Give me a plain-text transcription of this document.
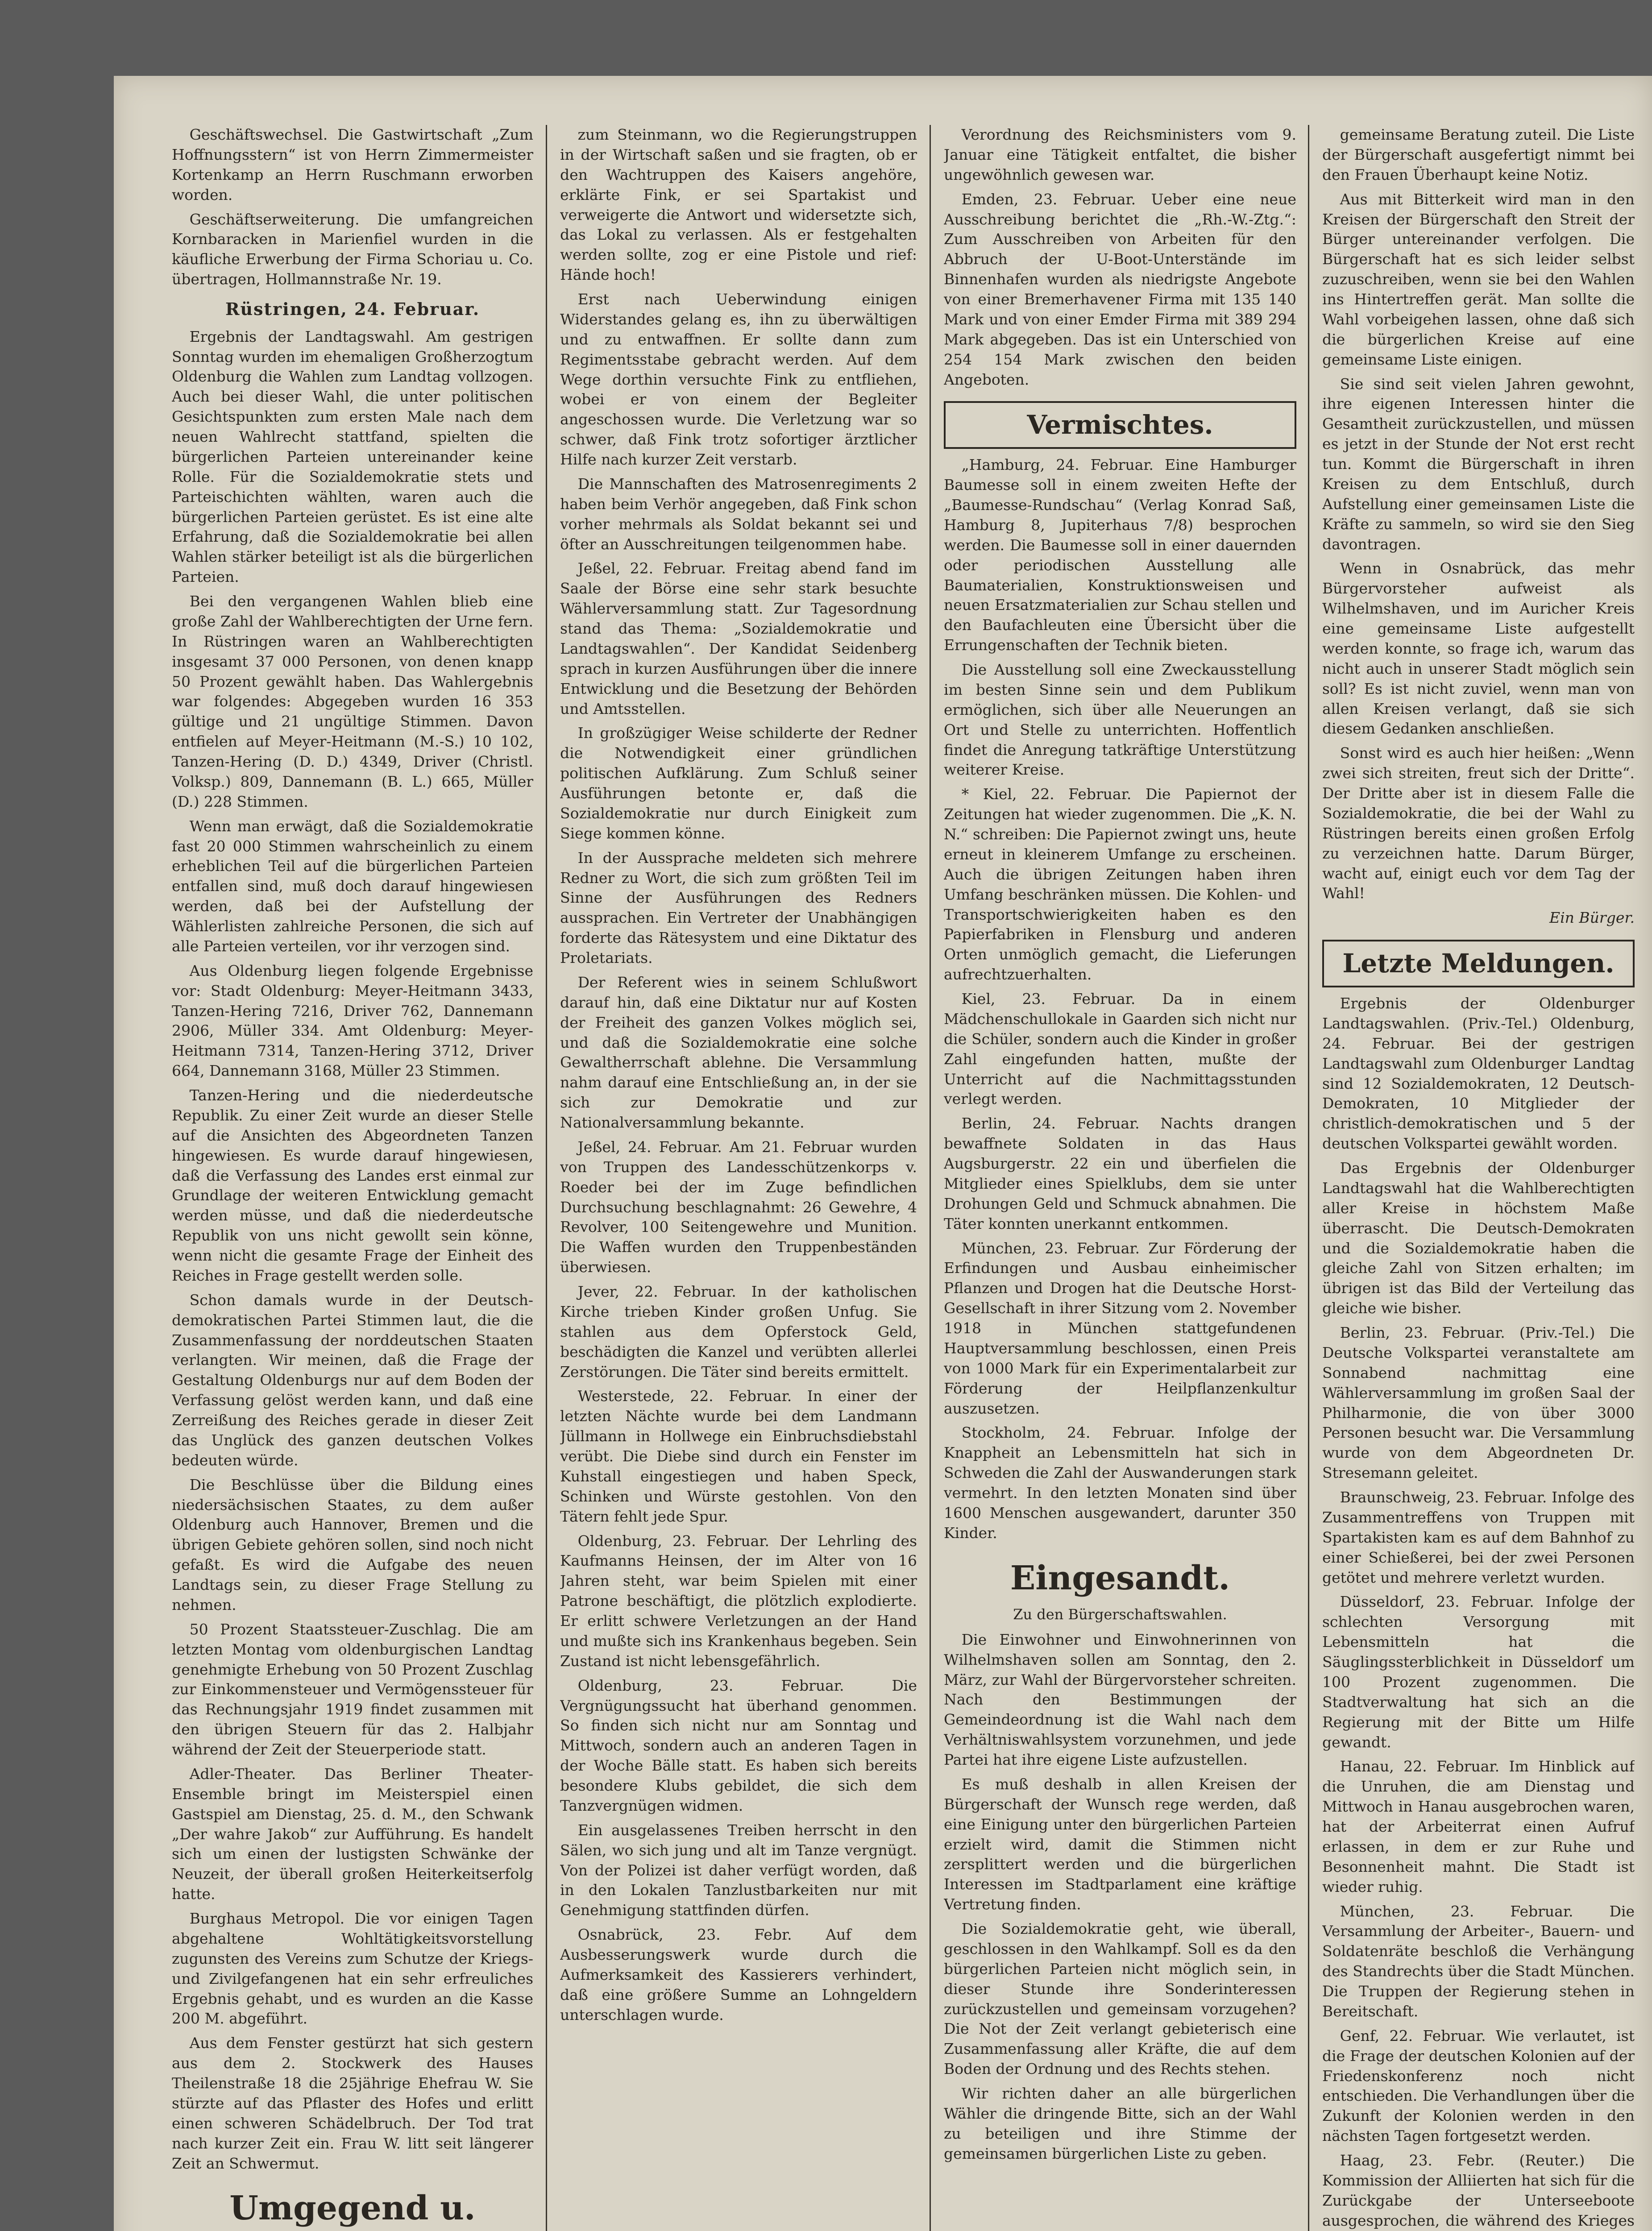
Geschäftswechsel. Die Gastwirtschaft „Zum Hoffnungsstern“ ist von Herrn Zimmermeister Kortenkamp an Herrn Ruschmann erworben worden.

Geschäftserweiterung. Die umfangreichen Kornbaracken in Marienfiel wurden in die käufliche Erwerbung der Firma Schoriau u. Co. übertragen, Hollmannstraße Nr. 19.

Rüstringen, 24. Februar.

Ergebnis der Landtagswahl. Am gestrigen Sonntag wurden im ehemaligen Großherzogtum Oldenburg die Wahlen zum Landtag vollzogen. Auch bei dieser Wahl, die unter politischen Gesichtspunkten zum ersten Male nach dem neuen Wahlrecht stattfand, spielten die bürgerlichen Parteien untereinander keine Rolle. Für die Sozialdemokratie stets und Parteischichten wählten, waren auch die bürgerlichen Parteien gerüstet. Es ist eine alte Erfahrung, daß die Sozialdemokratie bei allen Wahlen stärker beteiligt ist als die bürgerlichen Parteien.

Bei den vergangenen Wahlen blieb eine große Zahl der Wahlberechtigten der Urne fern. In Rüstringen waren an Wahlberechtigten insgesamt 37 000 Personen, von denen knapp 50 Prozent gewählt haben. Das Wahlergebnis war folgendes: Abgegeben wurden 16 353 gültige und 21 ungültige Stimmen. Davon entfielen auf Meyer-Heitmann (M.-S.) 10 102, Tanzen-Hering (D. D.) 4349, Driver (Christl. Volksp.) 809, Dannemann (B. L.) 665, Müller (D.) 228 Stimmen.

Wenn man erwägt, daß die Sozialdemokratie fast 20 000 Stimmen wahrscheinlich zu einem erheblichen Teil auf die bürgerlichen Parteien entfallen sind, muß doch darauf hingewiesen werden, daß bei der Aufstellung der Wählerlisten zahlreiche Personen, die sich auf alle Parteien verteilen, vor ihr verzogen sind.

Aus Oldenburg liegen folgende Ergebnisse vor: Stadt Oldenburg: Meyer-Heitmann 3433, Tanzen-Hering 7216, Driver 762, Dannemann 2906, Müller 334. Amt Oldenburg: Meyer-Heitmann 7314, Tanzen-Hering 3712, Driver 664, Dannemann 3168, Müller 23 Stimmen.

Tanzen-Hering und die niederdeutsche Republik. Zu einer Zeit wurde an dieser Stelle auf die Ansichten des Abgeordneten Tanzen hingewiesen. Es wurde darauf hingewiesen, daß die Verfassung des Landes erst einmal zur Grundlage der weiteren Entwicklung gemacht werden müsse, und daß die niederdeutsche Republik von uns nicht gewollt sein könne, wenn nicht die gesamte Frage der Einheit des Reiches in Frage gestellt werden solle.

Schon damals wurde in der Deutsch-demokratischen Partei Stimmen laut, die die Zusammenfassung der norddeutschen Staaten verlangten. Wir meinen, daß die Frage der Gestaltung Oldenburgs nur auf dem Boden der Verfassung gelöst werden kann, und daß eine Zerreißung des Reiches gerade in dieser Zeit das Unglück des ganzen deutschen Volkes bedeuten würde.

Die Beschlüsse über die Bildung eines niedersächsischen Staates, zu dem außer Oldenburg auch Hannover, Bremen und die übrigen Gebiete gehören sollen, sind noch nicht gefaßt. Es wird die Aufgabe des neuen Landtags sein, zu dieser Frage Stellung zu nehmen.

50 Prozent Staatssteuer-Zuschlag. Die am letzten Montag vom oldenburgischen Landtag genehmigte Erhebung von 50 Prozent Zuschlag zur Einkommensteuer und Vermögenssteuer für das Rechnungsjahr 1919 findet zusammen mit den übrigen Steuern für das 2. Halbjahr während der Zeit der Steuerperiode statt.

Adler-Theater. Das Berliner Theater-Ensemble bringt im Meisterspiel einen Gastspiel am Dienstag, 25. d. M., den Schwank „Der wahre Jakob“ zur Aufführung. Es handelt sich um einen der lustigsten Schwänke der Neuzeit, der überall großen Heiterkeitserfolg hatte.

Burghaus Metropol. Die vor einigen Tagen abgehaltene Wohltätigkeitsvorstellung zugunsten des Vereins zum Schutze der Kriegs- und Zivilgefangenen hat ein sehr erfreuliches Ergebnis gehabt, und es wurden an die Kasse 200 M. abgeführt.

Aus dem Fenster gestürzt hat sich gestern aus dem 2. Stockwerk des Hauses Theilenstraße 18 die 25jährige Ehefrau W. Sie stürzte auf das Pflaster des Hofes und erlitt einen schweren Schädelbruch. Der Tod trat nach kurzer Zeit ein. Frau W. litt seit längerer Zeit an Schwermut.

Umgegend u.

zum Steinmann, wo die Regierungstruppen in der Wirtschaft saßen und sie fragten, ob er den Wachtruppen des Kaisers angehöre, erklärte Fink, er sei Spartakist und verweigerte die Antwort und widersetzte sich, das Lokal zu verlassen. Als er festgehalten werden sollte, zog er eine Pistole und rief: Hände hoch!

Erst nach Ueberwindung einigen Widerstandes gelang es, ihn zu überwältigen und zu entwaffnen. Er sollte dann zum Regimentsstabe gebracht werden. Auf dem Wege dorthin versuchte Fink zu entfliehen, wobei er von einem der Begleiter angeschossen wurde. Die Verletzung war so schwer, daß Fink trotz sofortiger ärztlicher Hilfe nach kurzer Zeit verstarb.

Die Mannschaften des Matrosenregiments 2 haben beim Verhör angegeben, daß Fink schon vorher mehrmals als Soldat bekannt sei und öfter an Ausschreitungen teilgenommen habe.

Jeßel, 22. Februar. Freitag abend fand im Saale der Börse eine sehr stark besuchte Wählerversammlung statt. Zur Tagesordnung stand das Thema: „Sozialdemokratie und Landtagswahlen“. Der Kandidat Seidenberg sprach in kurzen Ausführungen über die innere Entwicklung und die Besetzung der Behörden und Amtsstellen.

In großzügiger Weise schilderte der Redner die Notwendigkeit einer gründlichen politischen Aufklärung. Zum Schluß seiner Ausführungen betonte er, daß die Sozialdemokratie nur durch Einigkeit zum Siege kommen könne.

In der Aussprache meldeten sich mehrere Redner zu Wort, die sich zum größten Teil im Sinne der Ausführungen des Redners aussprachen. Ein Vertreter der Unabhängigen forderte das Rätesystem und eine Diktatur des Proletariats.

Der Referent wies in seinem Schlußwort darauf hin, daß eine Diktatur nur auf Kosten der Freiheit des ganzen Volkes möglich sei, und daß die Sozialdemokratie eine solche Gewaltherrschaft ablehne. Die Versammlung nahm darauf eine Entschließung an, in der sie sich zur Demokratie und zur Nationalversammlung bekannte.

Jeßel, 24. Februar. Am 21. Februar wurden von Truppen des Landesschützenkorps v. Roeder bei der im Zuge befindlichen Durchsuchung beschlagnahmt: 26 Gewehre, 4 Revolver, 100 Seitengewehre und Munition. Die Waffen wurden den Truppenbeständen überwiesen.

Jever, 22. Februar. In der katholischen Kirche trieben Kinder großen Unfug. Sie stahlen aus dem Opferstock Geld, beschädigten die Kanzel und verübten allerlei Zerstörungen. Die Täter sind bereits ermittelt.

Westerstede, 22. Februar. In einer der letzten Nächte wurde bei dem Landmann Jüllmann in Hollwege ein Einbruchsdiebstahl verübt. Die Diebe sind durch ein Fenster im Kuhstall eingestiegen und haben Speck, Schinken und Würste gestohlen. Von den Tätern fehlt jede Spur.

Oldenburg, 23. Februar. Der Lehrling des Kaufmanns Heinsen, der im Alter von 16 Jahren steht, war beim Spielen mit einer Patrone beschäftigt, die plötzlich explodierte. Er erlitt schwere Verletzungen an der Hand und mußte sich ins Krankenhaus begeben. Sein Zustand ist nicht lebensgefährlich.

Oldenburg, 23. Februar. Die Vergnügungssucht hat überhand genommen. So finden sich nicht nur am Sonntag und Mittwoch, sondern auch an anderen Tagen in der Woche Bälle statt. Es haben sich bereits besondere Klubs gebildet, die sich dem Tanzvergnügen widmen.

Ein ausgelassenes Treiben herrscht in den Sälen, wo sich jung und alt im Tanze vergnügt. Von der Polizei ist daher verfügt worden, daß in den Lokalen Tanzlustbarkeiten nur mit Genehmigung stattfinden dürfen.

Osnabrück, 23. Febr. Auf dem Ausbesserungswerk wurde durch die Aufmerksamkeit des Kassierers verhindert, daß eine größere Summe an Lohngeldern unterschlagen wurde.

Verordnung des Reichsministers vom 9. Januar eine Tätigkeit entfaltet, die bisher ungewöhnlich gewesen war.

Emden, 23. Februar. Ueber eine neue Ausschreibung berichtet die „Rh.-W.-Ztg.“: Zum Ausschreiben von Arbeiten für den Abbruch der U-Boot-Unterstände im Binnenhafen wurden als niedrigste Angebote von einer Bremerhavener Firma mit 135 140 Mark und von einer Emder Firma mit 389 294 Mark abgegeben. Das ist ein Unterschied von 254 154 Mark zwischen den beiden Angeboten.

Vermischtes.

„Hamburg, 24. Februar. Eine Hamburger Baumesse soll in einem zweiten Hefte der „Baumesse-Rundschau“ (Verlag Konrad Saß, Hamburg 8, Jupiterhaus 7/8) besprochen werden. Die Baumesse soll in einer dauernden oder periodischen Ausstellung alle Baumaterialien, Konstruktionsweisen und neuen Ersatzmaterialien zur Schau stellen und den Baufachleuten eine Übersicht über die Errungenschaften der Technik bieten.

Die Ausstellung soll eine Zweckausstellung im besten Sinne sein und dem Publikum ermöglichen, sich über alle Neuerungen an Ort und Stelle zu unterrichten. Hoffentlich findet die Anregung tatkräftige Unterstützung weiterer Kreise.

* Kiel, 22. Februar. Die Papiernot der Zeitungen hat wieder zugenommen. Die „K. N. N.“ schreiben: Die Papiernot zwingt uns, heute erneut in kleinerem Umfange zu erscheinen. Auch die übrigen Zeitungen haben ihren Umfang beschränken müssen. Die Kohlen- und Transportschwierigkeiten haben es den Papierfabriken in Flensburg und anderen Orten unmöglich gemacht, die Lieferungen aufrechtzuerhalten.

Kiel, 23. Februar. Da in einem Mädchenschullokale in Gaarden sich nicht nur die Schüler, sondern auch die Kinder in großer Zahl eingefunden hatten, mußte der Unterricht auf die Nachmittagsstunden verlegt werden.

Berlin, 24. Februar. Nachts drangen bewaffnete Soldaten in das Haus Augsburgerstr. 22 ein und überfielen die Mitglieder eines Spielklubs, dem sie unter Drohungen Geld und Schmuck abnahmen. Die Täter konnten unerkannt entkommen.

München, 23. Februar. Zur Förderung der Erfindungen und Ausbau einheimischer Pflanzen und Drogen hat die Deutsche Horst-Gesellschaft in ihrer Sitzung vom 2. November 1918 in München stattgefundenen Hauptversammlung beschlossen, einen Preis von 1000 Mark für ein Experimentalarbeit zur Förderung der Heilpflanzenkultur auszusetzen.

Stockholm, 24. Februar. Infolge der Knappheit an Lebensmitteln hat sich in Schweden die Zahl der Auswanderungen stark vermehrt. In den letzten Monaten sind über 1600 Menschen ausgewandert, darunter 350 Kinder.

Eingesandt.
Zu den Bürgerschaftswahlen.

Die Einwohner und Einwohnerinnen von Wilhelmshaven sollen am Sonntag, den 2. März, zur Wahl der Bürgervorsteher schreiten. Nach den Bestimmungen der Gemeindeordnung ist die Wahl nach dem Verhältniswahlsystem vorzunehmen, und jede Partei hat ihre eigene Liste aufzustellen.

Es muß deshalb in allen Kreisen der Bürgerschaft der Wunsch rege werden, daß eine Einigung unter den bürgerlichen Parteien erzielt wird, damit die Stimmen nicht zersplittert werden und die bürgerlichen Interessen im Stadtparlament eine kräftige Vertretung finden.

Die Sozialdemokratie geht, wie überall, geschlossen in den Wahlkampf. Soll es da den bürgerlichen Parteien nicht möglich sein, in dieser Stunde ihre Sonderinteressen zurückzustellen und gemeinsam vorzugehen? Die Not der Zeit verlangt gebieterisch eine Zusammenfassung aller Kräfte, die auf dem Boden der Ordnung und des Rechts stehen.

Wir richten daher an alle bürgerlichen Wähler die dringende Bitte, sich an der Wahl zu beteiligen und ihre Stimme der gemeinsamen bürgerlichen Liste zu geben.

gemeinsame Beratung zuteil. Die Liste der Bürgerschaft ausgefertigt nimmt bei den Frauen Überhaupt keine Notiz.

Aus mit Bitterkeit wird man in den Kreisen der Bürgerschaft den Streit der Bürger untereinander verfolgen. Die Bürgerschaft hat es sich leider selbst zuzuschreiben, wenn sie bei den Wahlen ins Hintertreffen gerät. Man sollte die Wahl vorbeigehen lassen, ohne daß sich die bürgerlichen Kreise auf eine gemeinsame Liste einigen.

Sie sind seit vielen Jahren gewohnt, ihre eigenen Interessen hinter die Gesamtheit zurückzustellen, und müssen es jetzt in der Stunde der Not erst recht tun. Kommt die Bürgerschaft in ihren Kreisen zu dem Entschluß, durch Aufstellung einer gemeinsamen Liste die Kräfte zu sammeln, so wird sie den Sieg davontragen.

Wenn in Osnabrück, das mehr Bürgervorsteher aufweist als Wilhelmshaven, und im Auricher Kreis eine gemeinsame Liste aufgestellt werden konnte, so frage ich, warum das nicht auch in unserer Stadt möglich sein soll? Es ist nicht zuviel, wenn man von allen Kreisen verlangt, daß sie sich diesem Gedanken anschließen.

Sonst wird es auch hier heißen: „Wenn zwei sich streiten, freut sich der Dritte“. Der Dritte aber ist in diesem Falle die Sozialdemokratie, die bei der Wahl zu Rüstringen bereits einen großen Erfolg zu verzeichnen hatte. Darum Bürger, wacht auf, einigt euch vor dem Tag der Wahl!

Ein Bürger.
Letzte Meldungen.

Ergebnis der Oldenburger Landtagswahlen. (Priv.-Tel.) Oldenburg, 24. Februar. Bei der gestrigen Landtagswahl zum Oldenburger Landtag sind 12 Sozialdemokraten, 12 Deutsch-Demokraten, 10 Mitglieder der christlich-demokratischen und 5 der deutschen Volkspartei gewählt worden.

Das Ergebnis der Oldenburger Landtagswahl hat die Wahlberechtigten aller Kreise in höchstem Maße überrascht. Die Deutsch-Demokraten und die Sozialdemokratie haben die gleiche Zahl von Sitzen erhalten; im übrigen ist das Bild der Verteilung das gleiche wie bisher.

Berlin, 23. Februar. (Priv.-Tel.) Die Deutsche Volkspartei veranstaltete am Sonnabend nachmittag eine Wählerversammlung im großen Saal der Philharmonie, die von über 3000 Personen besucht war. Die Versammlung wurde von dem Abgeordneten Dr. Stresemann geleitet.

Braunschweig, 23. Februar. Infolge des Zusammentreffens von Truppen mit Spartakisten kam es auf dem Bahnhof zu einer Schießerei, bei der zwei Personen getötet und mehrere verletzt wurden.

Düsseldorf, 23. Februar. Infolge der schlechten Versorgung mit Lebensmitteln hat die Säuglingssterblichkeit in Düsseldorf um 100 Prozent zugenommen. Die Stadtverwaltung hat sich an die Regierung mit der Bitte um Hilfe gewandt.

Hanau, 22. Februar. Im Hinblick auf die Unruhen, die am Dienstag und Mittwoch in Hanau ausgebrochen waren, hat der Arbeiterrat einen Aufruf erlassen, in dem er zur Ruhe und Besonnenheit mahnt. Die Stadt ist wieder ruhig.

München, 23. Februar. Die Versammlung der Arbeiter-, Bauern- und Soldatenräte beschloß die Verhängung des Standrechts über die Stadt München. Die Truppen der Regierung stehen in Bereitschaft.

Genf, 22. Februar. Wie verlautet, ist die Frage der deutschen Kolonien auf der Friedenskonferenz noch nicht entschieden. Die Verhandlungen über die Zukunft der Kolonien werden in den nächsten Tagen fortgesetzt werden.

Haag, 23. Febr. (Reuter.) Die Kommission der Alliierten hat sich für die Zurückgabe der Unterseeboote ausgesprochen, die während des Krieges
